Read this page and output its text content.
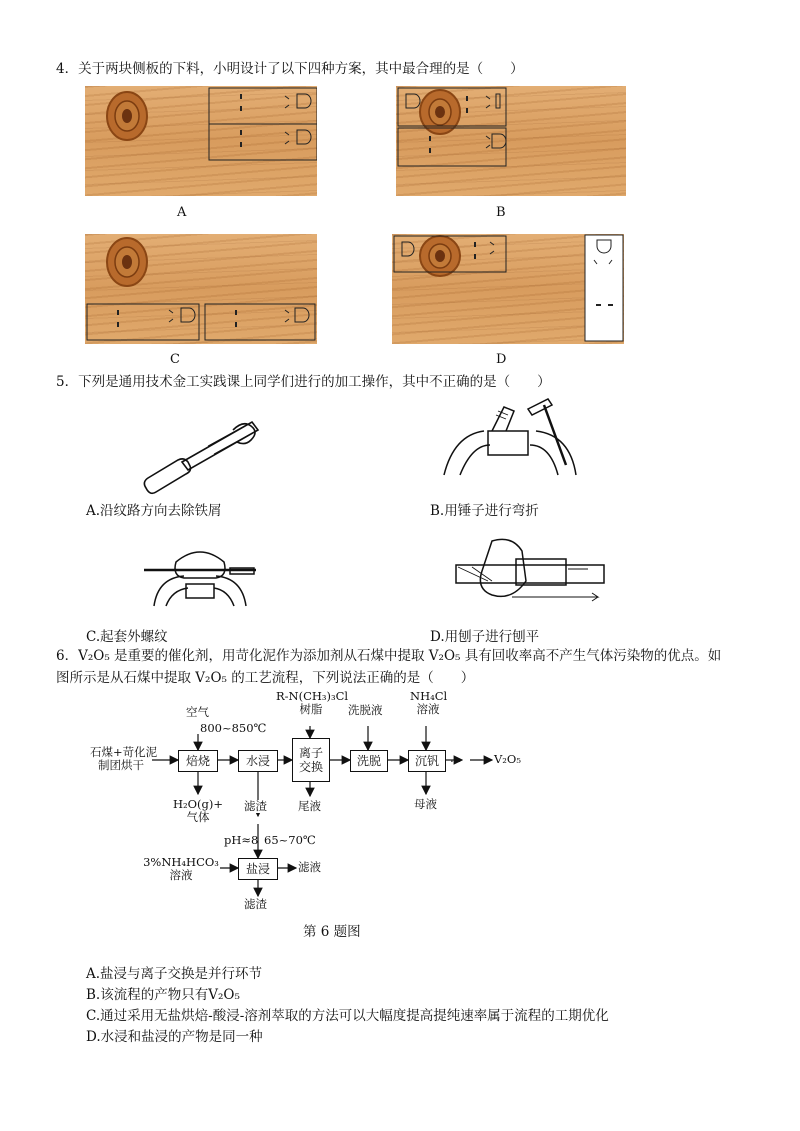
4．关于两块侧板的下料，小明设计了以下四种方案，其中最合理的是（　　）
A	B
C	D
5．下列是通用技术金工实践课上同学们进行的加工操作，其中不正确的是（　　）
A.沿纹路方向去除铁屑	B.用锤子进行弯折
C.起套外螺纹	D.用刨子进行刨平
6．V₂O₅ 是重要的催化剂，用苛化泥作为添加剂从石煤中提取 V₂O₅ 具有回收率高不产生气体污染物的优点。如
图所示是从石煤中提取 V₂O₅ 的工艺流程，下列说法正确的是（　　）
石煤+苛化泥
制团烘干
空气
800~850℃
焙烧	水浸
R-N(CH₃)₃Cl
树脂
离子
交换
洗脱液
洗脱
NH₄Cl
溶液
沉钒 …	V₂O₅
H₂O(g)+
气体
滤渣	尾液	母液
pH≈8 65~70℃
3%NH₄HCO₃
溶液	盐浸	滤液
滤渣
第 6 题图
A.盐浸与离子交换是并行环节
B.该流程的产物只有V₂O₅
C.通过采用无盐烘焙-酸浸-溶剂萃取的方法可以大幅度提高提纯速率属于流程的工期优化
D.水浸和盐浸的产物是同一种
